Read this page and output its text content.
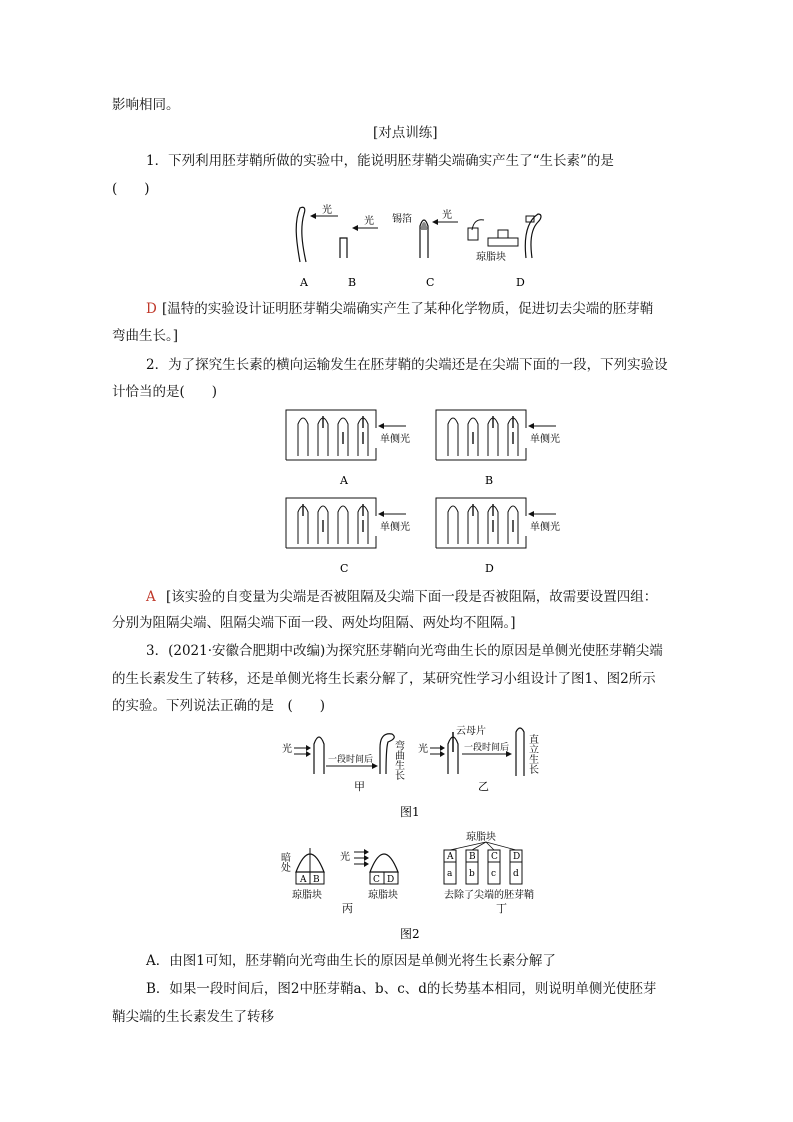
影响相同。
[对点训练]
1．下列利用胚芽鞘所做的实验中，能说明胚芽鞘尖端确实产生了“生长素”的是
(　　)
光
光 锡箔	光
琼脂块
A	B	C	D
D [温特的实验设计证明胚芽鞘尖端确实产生了某种化学物质，促进切去尖端的胚芽鞘
弯曲生长。]
2．为了探究生长素的横向运输发生在胚芽鞘的尖端还是在尖端下面的一段，下列实验设
计恰当的是(　　)
单侧光
A
单侧光
B
单侧光
C
单侧光
D
A [该实验的自变量为尖端是否被阻隔及尖端下面一段是否被阻隔，故需要设置四组：
分别为阻隔尖端、阻隔尖端下面一段、两处均阻隔、两处均不阻隔。]
3．(2021·安徽合肥期中改编)为探究胚芽鞘向光弯曲生长的原因是单侧光使胚芽鞘尖端
的生长素发生了转移，还是单侧光将生长素分解了，某研究性学习小组设计了图1、图2所示
的实验。下列说法正确的是　(　　)
光
一段时间后 弯曲生长
甲
光
云母片
一段时间后 直立生长
乙
图1
暗处
A B
琼脂块
光
C D
琼脂块
丙
琼脂块
A
a
B
b
C
c
D
d
去除了尖端的胚芽鞘
丁
图2
A．由图1可知，胚芽鞘向光弯曲生长的原因是单侧光将生长素分解了
B．如果一段时间后，图2中胚芽鞘a、b、c、d的长势基本相同，则说明单侧光使胚芽
鞘尖端的生长素发生了转移
